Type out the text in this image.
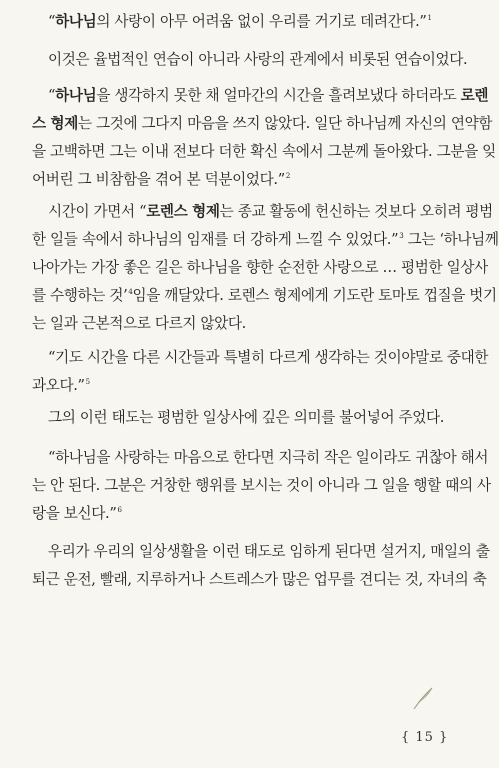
“하나님의 사랑이 아무 어려움 없이 우리를 거기로 데려간다.”$^1$

이것은 율법적인 연습이 아니라 사랑의 관계에서 비롯된 연습이었다.

“하나님을 생각하지 못한 채 얼마간의 시간을 흘려보냈다 하더라도 로렌
스 형제는 그것에 그다지 마음을 쓰지 않았다. 일단 하나님께 자신의 연약함
을 고백하면 그는 이내 전보다 더한 확신 속에서 그분께 돌아왔다. 그분을 잊
어버린 그 비참함을 겪어 본 덕분이었다.”$^2$

시간이 가면서 “로렌스 형제는 종교 활동에 헌신하는 것보다 오히려 평범
한 일들 속에서 하나님의 임재를 더 강하게 느낄 수 있었다.”$^3$ 그는 ‘하나님께
나아가는 가장 좋은 길은 하나님을 향한 순전한 사랑으로 … 평범한 일상사
를 수행하는 것’$^4$임을 깨달았다. 로렌스 형제에게 기도란 토마토 껍질을 벗기
는 일과 근본적으로 다르지 않았다.

“기도 시간을 다른 시간들과 특별히 다르게 생각하는 것이야말로 중대한
과오다.”$^5$

그의 이런 태도는 평범한 일상사에 깊은 의미를 불어넣어 주었다.

“하나님을 사랑하는 마음으로 한다면 지극히 작은 일이라도 귀찮아 해서
는 안 된다. 그분은 거창한 행위를 보시는 것이 아니라 그 일을 행할 때의 사
랑을 보신다.”$^6$

우리가 우리의 일상생활을 이런 태도로 임하게 된다면 설거지, 매일의 출
퇴근 운전, 빨래, 지루하거나 스트레스가 많은 업무를 견디는 것, 자녀의 축

{ 15 }
